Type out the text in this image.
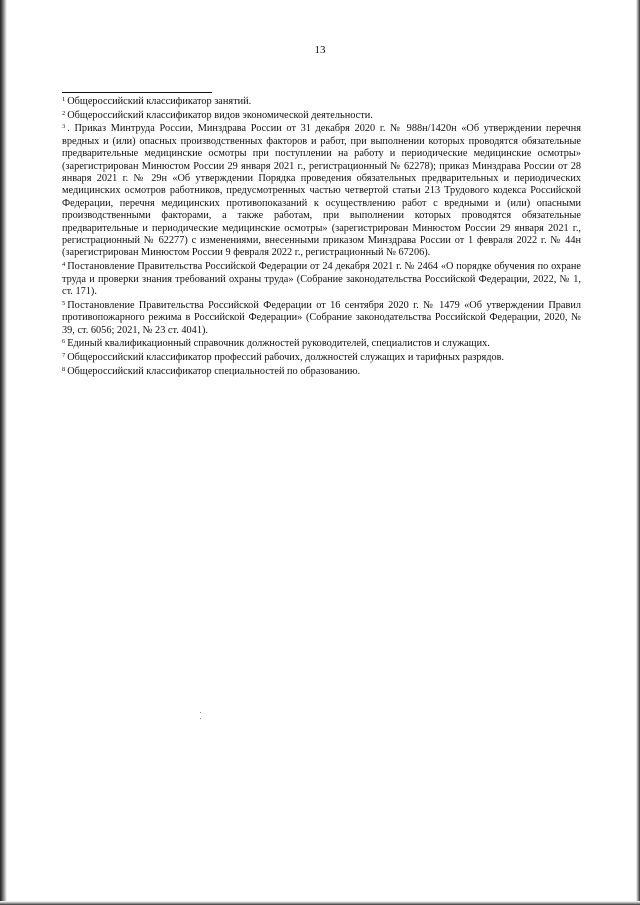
13

$^1$ Общероссийский классификатор занятий.

$^2$ Общероссийский классификатор видов экономической деятельности.

$^3$ . Приказ Минтруда России, Минздрава России от 31 декабря 2020 г. № 988н/1420н «Об утверждении перечня вредных и (или) опасных производственных факторов и работ, при выполнении которых проводятся обязательные предварительные медицинские осмотры при поступлении на работу и периодические медицинские осмотры» (зарегистрирован Минюстом России 29 января 2021 г., регистрационный № 62278); приказ Минздрава России от 28 января 2021 г. № 29н «Об утверждении Порядка проведения обязательных предварительных и периодических медицинских осмотров работников, предусмотренных частью четвертой статьи 213 Трудового кодекса Российской Федерации, перечня медицинских противопоказаний к осуществлению работ с вредными и (или) опасными производственными факторами, а также работам, при выполнении которых проводятся обязательные предварительные и периодические медицинские осмотры» (зарегистрирован Минюстом России 29 января 2021 г., регистрационный № 62277) с изменениями, внесенными приказом Минздрава России от 1 февраля 2022 г. № 44н (зарегистрирован Минюстом России 9 февраля 2022 г., регистрационный № 67206).

$^4$ Постановление Правительства Российской Федерации от 24 декабря 2021 г. № 2464 «О порядке обучения по охране труда и проверки знания требований охраны труда» (Собрание законодательства Российской Федерации, 2022, № 1, ст. 171).

$^5$ Постановление Правительства Российской Федерации от 16 сентября 2020 г. № 1479 «Об утверждении Правил противопожарного режима в Российской Федерации» (Собрание законодательства Российской Федерации, 2020, № 39, ст. 6056; 2021, № 23 ст. 4041).

$^6$ Единый квалификационный справочник должностей руководителей, специалистов и служащих.

$^7$ Общероссийский классификатор профессий рабочих, должностей служащих и тарифных разрядов.

$^8$ Общероссийский классификатор специальностей по образованию.
